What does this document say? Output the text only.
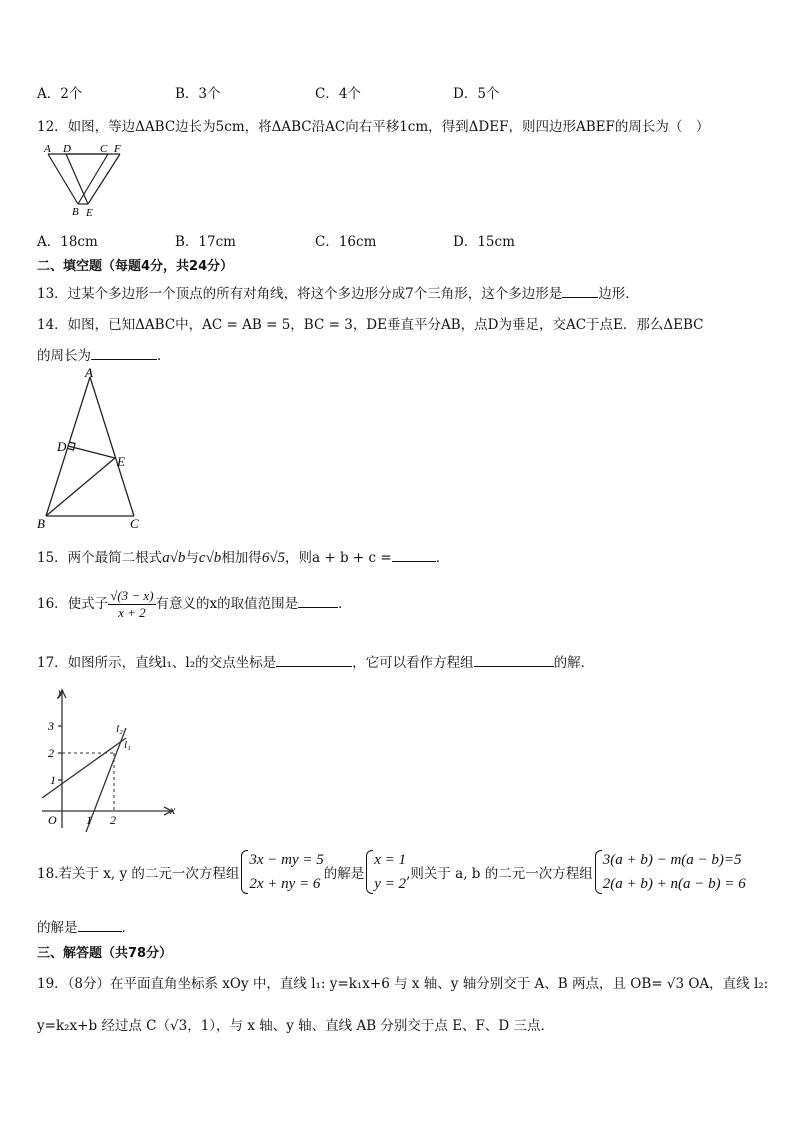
A．2个	B．3个	C．4个	D．5个
12．如图，等边ΔABC边长为5cm，将ΔABC沿AC向右平移1cm，得到ΔDEF，则四边形ABEF的周长为（　）
A D	C F
B E
A．18cm	B．17cm	C．16cm	D．15cm
二、填空题（每题4分，共24分）
13．过某个多边形一个顶点的所有对角线，将这个多边形分成7个三角形，这个多边形是	边形．
14．如图，已知ΔABC中，AC = AB = 5，BC = 3，DE垂直平分AB，点D为垂足，交AC于点E．那么ΔEBC
的周长为	．
A
D
E
B	C
15．两个最简二根式a√b与c√b相加得6√5，则a + b + c =	．
16．使式子 $\frac{√(3 - x)}{x + 2}$ 有意义的x的取值范围是	．
17．如图所示，直线l₁、l₂的交点坐标是	，它可以看作方程组	的解．
y
3
2
1
O 1 2
x
l₂
l₁
18.若关于 x, y 的二元一次方程组
3x − my = 5
2x + ny = 6
的解是
x = 1
y = 2
,则关于 a, b 的二元一次方程组
3(a + b) − m(a − b)=5
2(a + b) + n(a − b) = 6
的解是	．
三、解答题（共78分）
19．（8分）在平面直角坐标系 xOy 中，直线 l₁: y=k₁x+6 与 x 轴、y 轴分别交于 A、B 两点，且 OB= √3 OA，直线 l₂:
y=k₂x+b 经过点 C（√3，1），与 x 轴、y 轴、直线 AB 分别交于点 E、F、D 三点．
